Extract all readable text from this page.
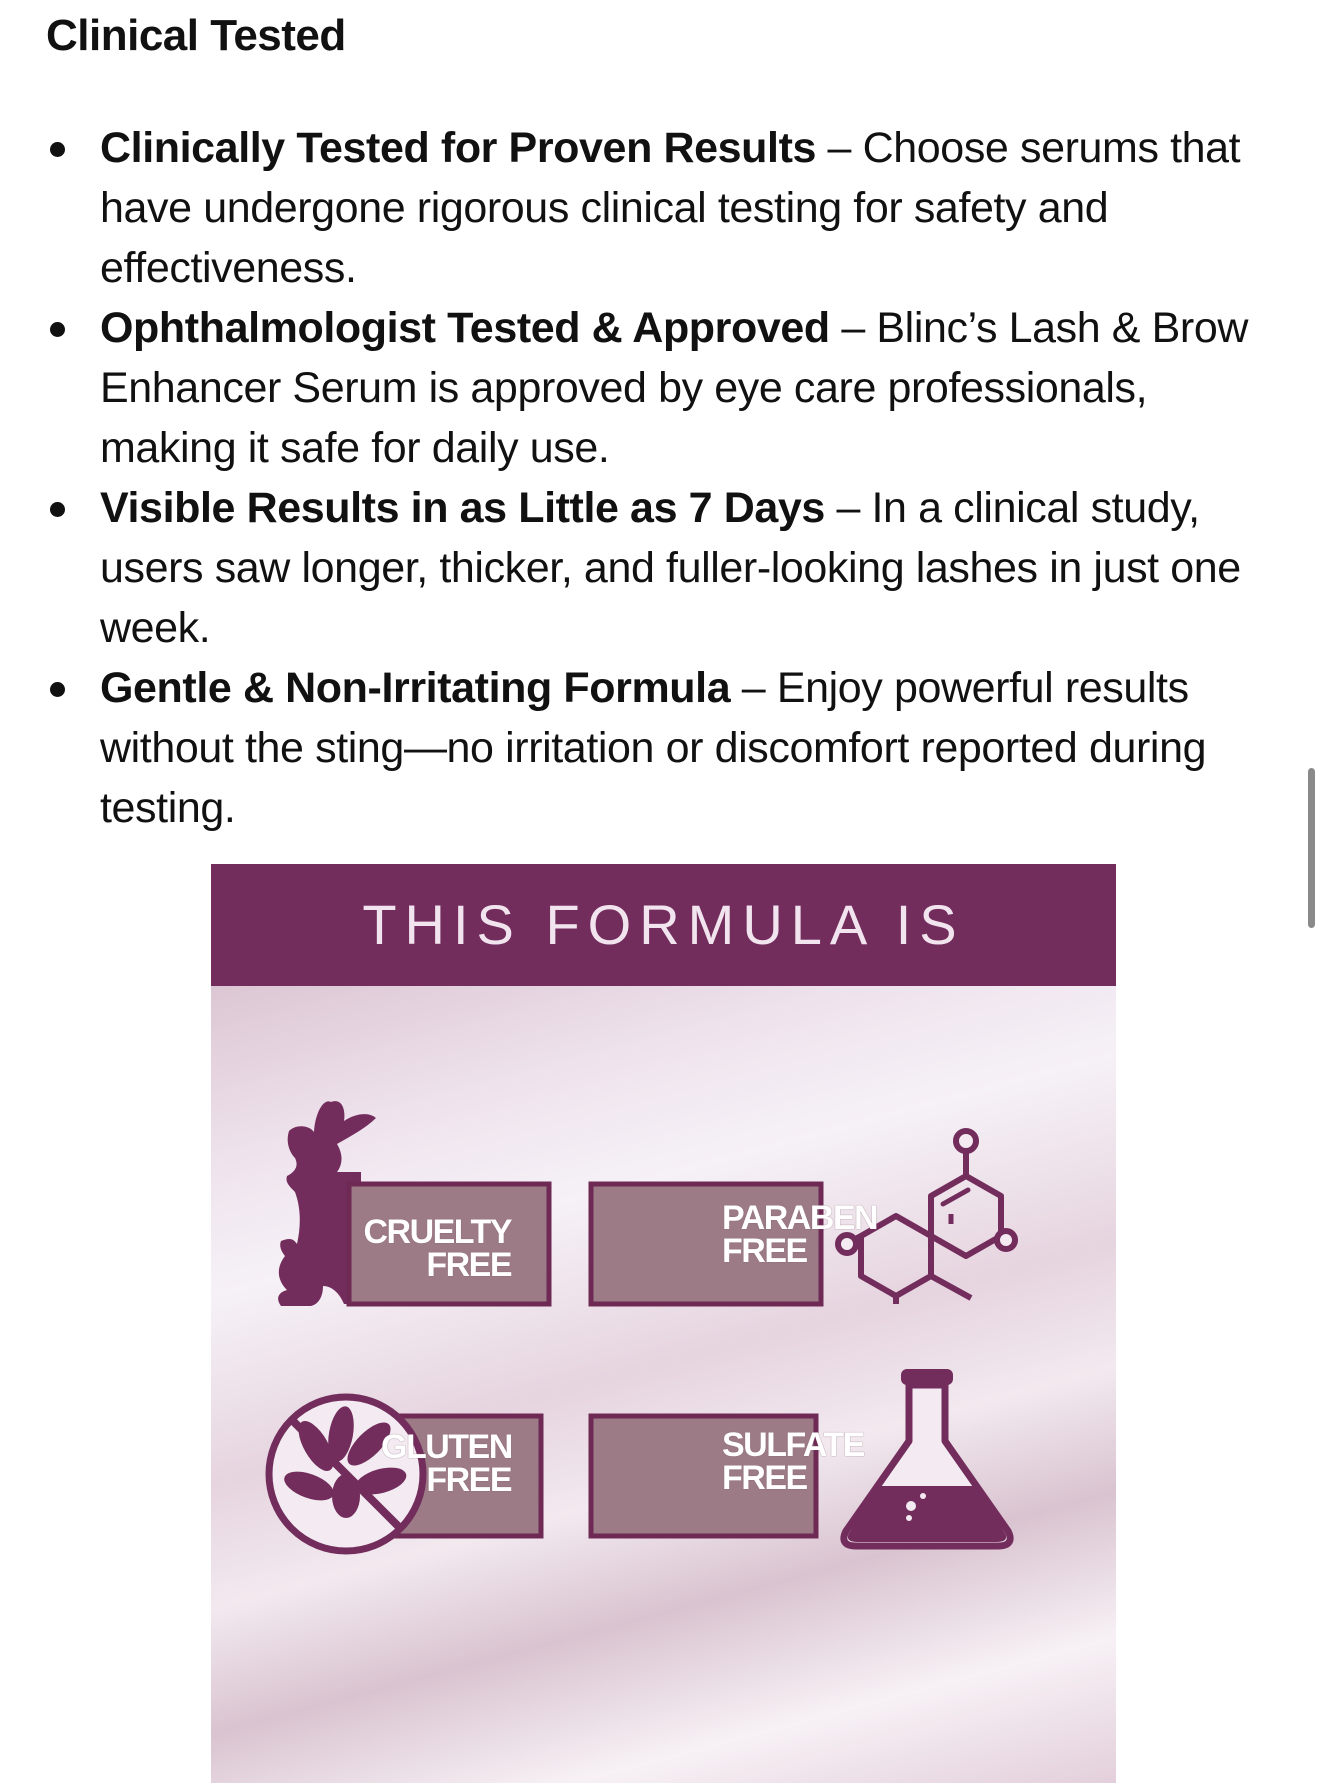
Clinical Tested
Clinically Tested for Proven Results – Choose serums that have undergone rigorous clinical testing for safety and effectiveness.
Ophthalmologist Tested & Approved – Blinc’s Lash & Brow Enhancer Serum is approved by eye care professionals, making it safe for daily use.
Visible Results in as Little as 7 Days – In a clinical study, users saw longer, thicker, and fuller-looking lashes in just one week.
Gentle & Non-Irritating Formula – Enjoy powerful results without the sting—no irritation or discomfort reported during testing.
THIS FORMULA IS
CRUELTY
FREE
PARABEN
FREE
GLUTEN
FREE
SULFATE
FREE
